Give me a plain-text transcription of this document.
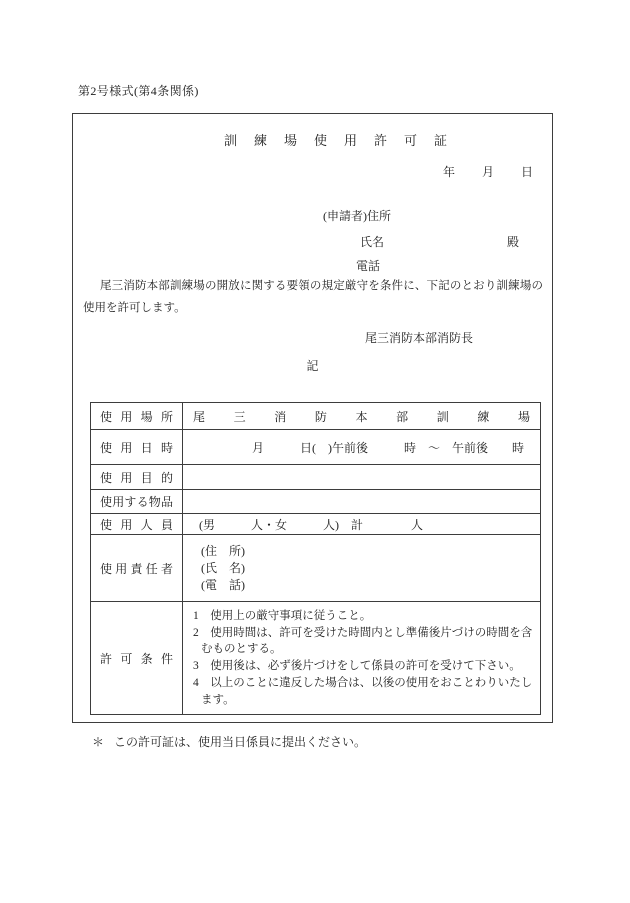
第2号様式(第4条関係)
訓練場使用許可証
年 月 日
(申請者)住所
氏名	殿
電話

尾三消防本部訓練場の開放に関する要領の規定厳守を条件に、下記のとおり訓練場の使用を許可します。

尾三消防本部消防長
記
使用場所	尾三消防本部訓練場
使用日時	月　　　日(　)午前後　　　時　～　午前後　　時
使用目的	
使用する物品	
使用人員	(男　　　人・女　　　人)　計　　　　人
使用責任者	(住　所)
(氏　名)
(電　話)

許可条件	1　使用上の厳守事項に従うこと。
2　使用時間は、許可を受けた時間内とし準備後片づけの時間を含むものとする。
3　使用後は、必ず後片づけをして係員の許可を受けて下さい。
4　以上のことに違反した場合は、以後の使用をおことわりいたします。
＊ この許可証は、使用当日係員に提出ください。
